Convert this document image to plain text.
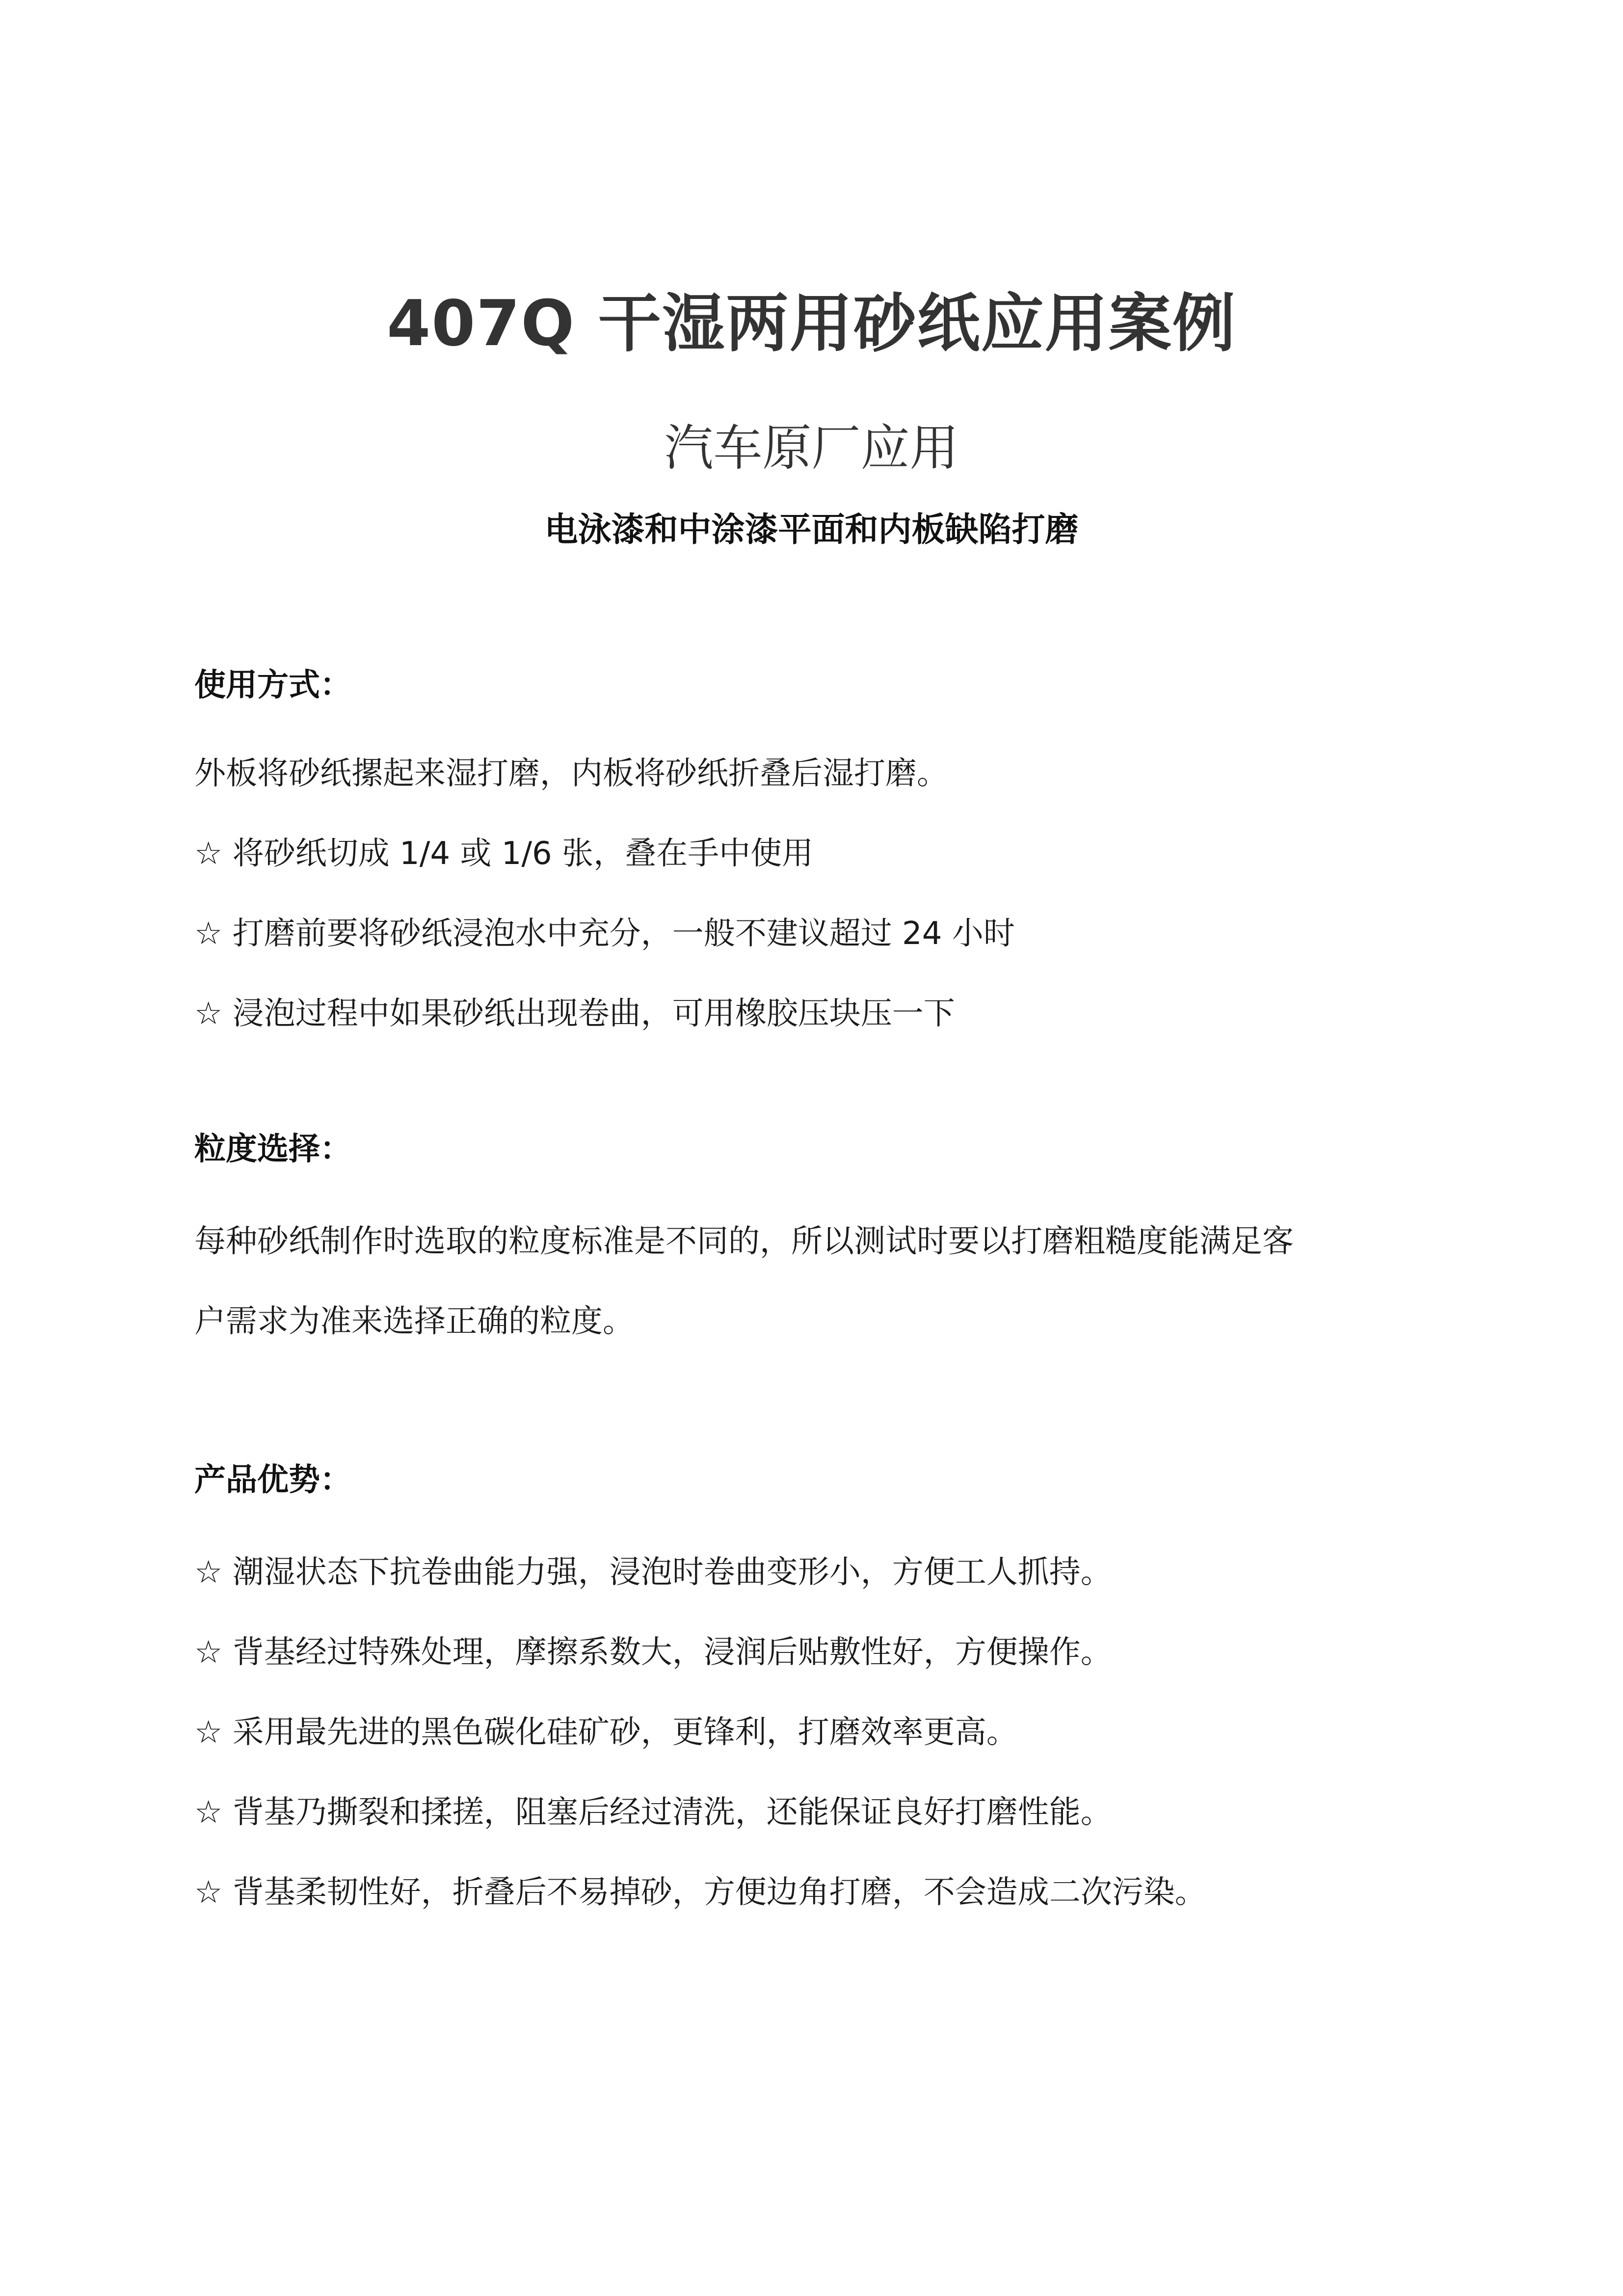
407Q 干湿两用砂纸应用案例
汽车原厂应用
电泳漆和中涂漆平面和内板缺陷打磨
使用方式：
外板将砂纸摞起来湿打磨，内板将砂纸折叠后湿打磨。
☆ 将砂纸切成 1/4 或 1/6 张，叠在手中使用
☆ 打磨前要将砂纸浸泡水中充分，一般不建议超过 24 小时
☆ 浸泡过程中如果砂纸出现卷曲，可用橡胶压块压一下
粒度选择：
每种砂纸制作时选取的粒度标准是不同的，所以测试时要以打磨粗糙度能满足客
户需求为准来选择正确的粒度。
产品优势：
☆ 潮湿状态下抗卷曲能力强，浸泡时卷曲变形小，方便工人抓持。
☆ 背基经过特殊处理，摩擦系数大，浸润后贴敷性好，方便操作。
☆ 采用最先进的黑色碳化硅矿砂，更锋利，打磨效率更高。
☆ 背基乃撕裂和揉搓，阻塞后经过清洗，还能保证良好打磨性能。
☆ 背基柔韧性好，折叠后不易掉砂，方便边角打磨，不会造成二次污染。
